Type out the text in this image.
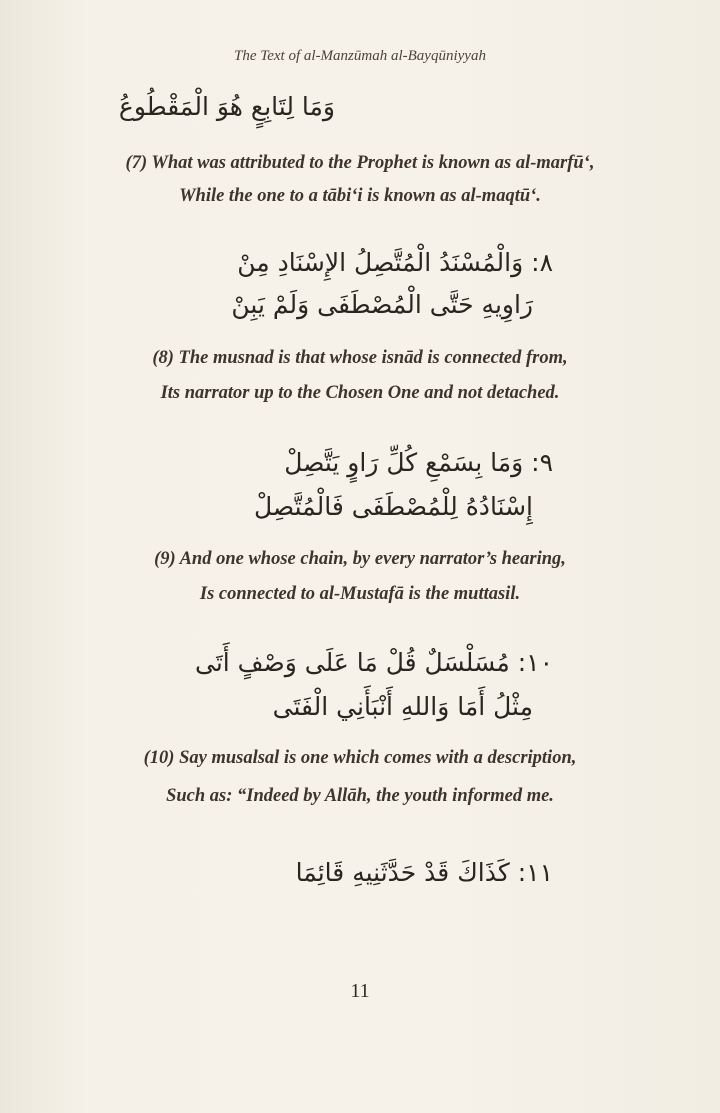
The Text of al-Manzūmah al-Bayqūniyyah
وَمَا لِتَابِعٍ هُوَ الْمَقْطُوعُ
(7) What was attributed to the Prophet is known as al-marfū‘,
While the one to a tābi‘i is known as al-maqtū‘.
٨: وَالْمُسْنَدُ الْمُتَّصِلُ الإِسْنَادِ مِنْ
رَاوِيهِ حَتَّى الْمُصْطَفَى وَلَمْ يَبِنْ
(8) The musnad is that whose isnād is connected from,
Its narrator up to the Chosen One and not detached.
٩: وَمَا بِسَمْعِ كُلِّ رَاوٍ يَتَّصِلْ
إِسْنَادُهُ لِلْمُصْطَفَى فَالْمُتَّصِلْ
(9) And one whose chain, by every narrator’s hearing,
Is connected to al-Mustafā is the muttasil.
١٠: مُسَلْسَلٌ قُلْ مَا عَلَى وَصْفٍ أَتَى
مِثْلُ أَمَا وَاللهِ أَنْبَأَنِي الْفَتَى
(10) Say musalsal is one which comes with a description,
Such as: “Indeed by Allāh, the youth informed me.
١١: كَذَاكَ قَدْ حَدَّثَنِيهِ قَائِمَا
11
